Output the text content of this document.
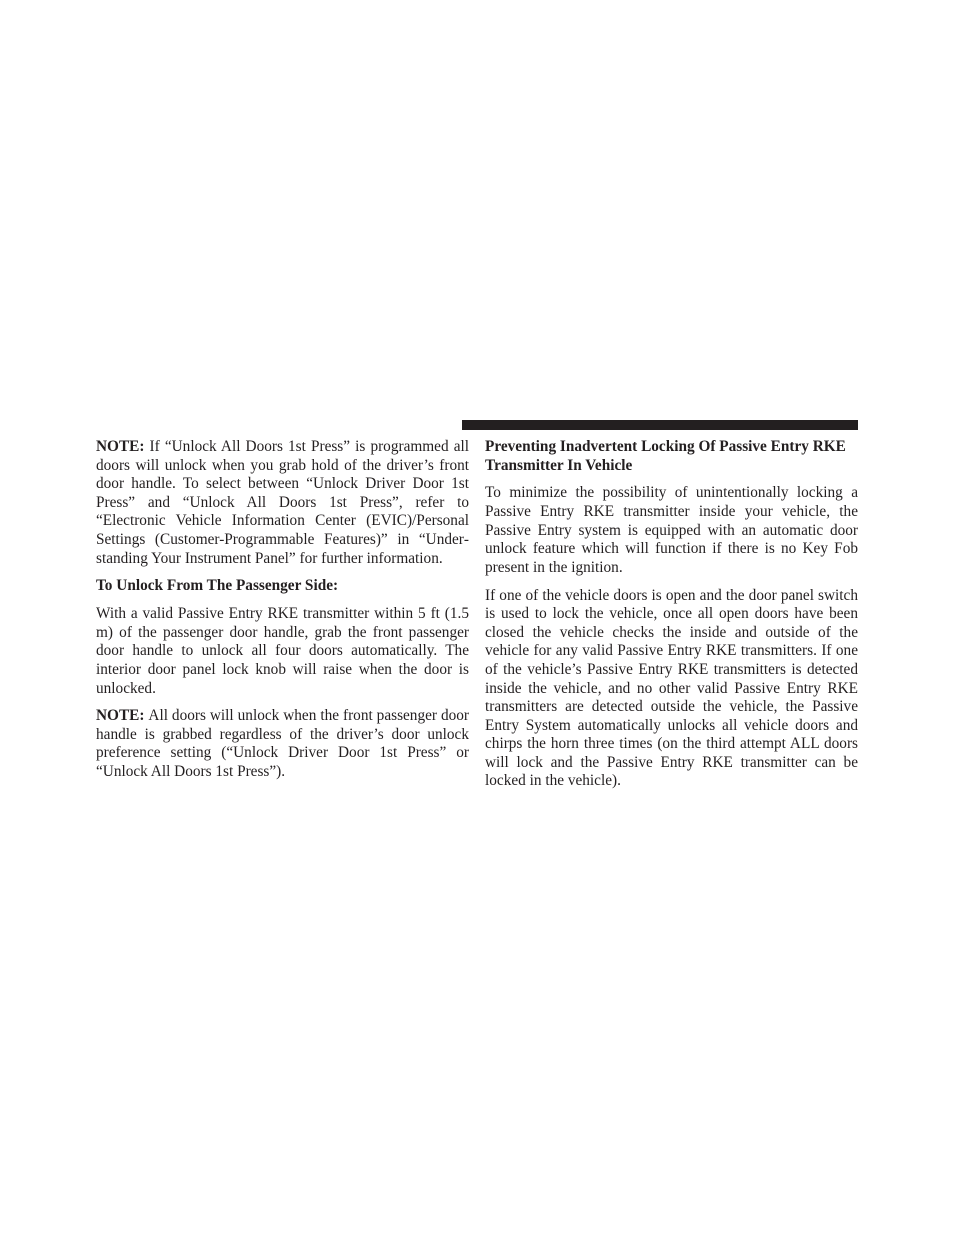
NOTE: If “Unlock All Doors 1st Press” is programmed all doors will unlock when you grab hold of the driver’s front door handle. To select between “Unlock Driver Door 1st Press” and “Unlock All Doors 1st Press”, refer to “Electronic Vehicle Information Center (EVIC)/Personal Settings (Customer-Programmable Features)” in “Understanding Your Instrument Panel” for further information.

To Unlock From The Passenger Side:

With a valid Passive Entry RKE transmitter within 5 ft (1.5 m) of the passenger door handle, grab the front passenger door handle to unlock all four doors automatically. The interior door panel lock knob will raise when the door is unlocked.

NOTE: All doors will unlock when the front passenger door handle is grabbed regardless of the driver’s door unlock preference setting (“Unlock Driver Door 1st Press” or “Unlock All Doors 1st Press”).

Preventing Inadvertent Locking Of Passive Entry RKE Transmitter In Vehicle

To minimize the possibility of unintentionally locking a Passive Entry RKE transmitter inside your vehicle, the Passive Entry system is equipped with an automatic door unlock feature which will function if there is no Key Fob present in the ignition.

If one of the vehicle doors is open and the door panel switch is used to lock the vehicle, once all open doors have been closed the vehicle checks the inside and outside of the vehicle for any valid Passive Entry RKE transmitters. If one of the vehicle’s Passive Entry RKE transmitters is detected inside the vehicle, and no other valid Passive Entry RKE transmitters are detected outside the vehicle, the Passive Entry System automatically unlocks all vehicle doors and chirps the horn three times (on the third attempt ALL doors will lock and the Passive Entry RKE transmitter can be locked in the vehicle).
